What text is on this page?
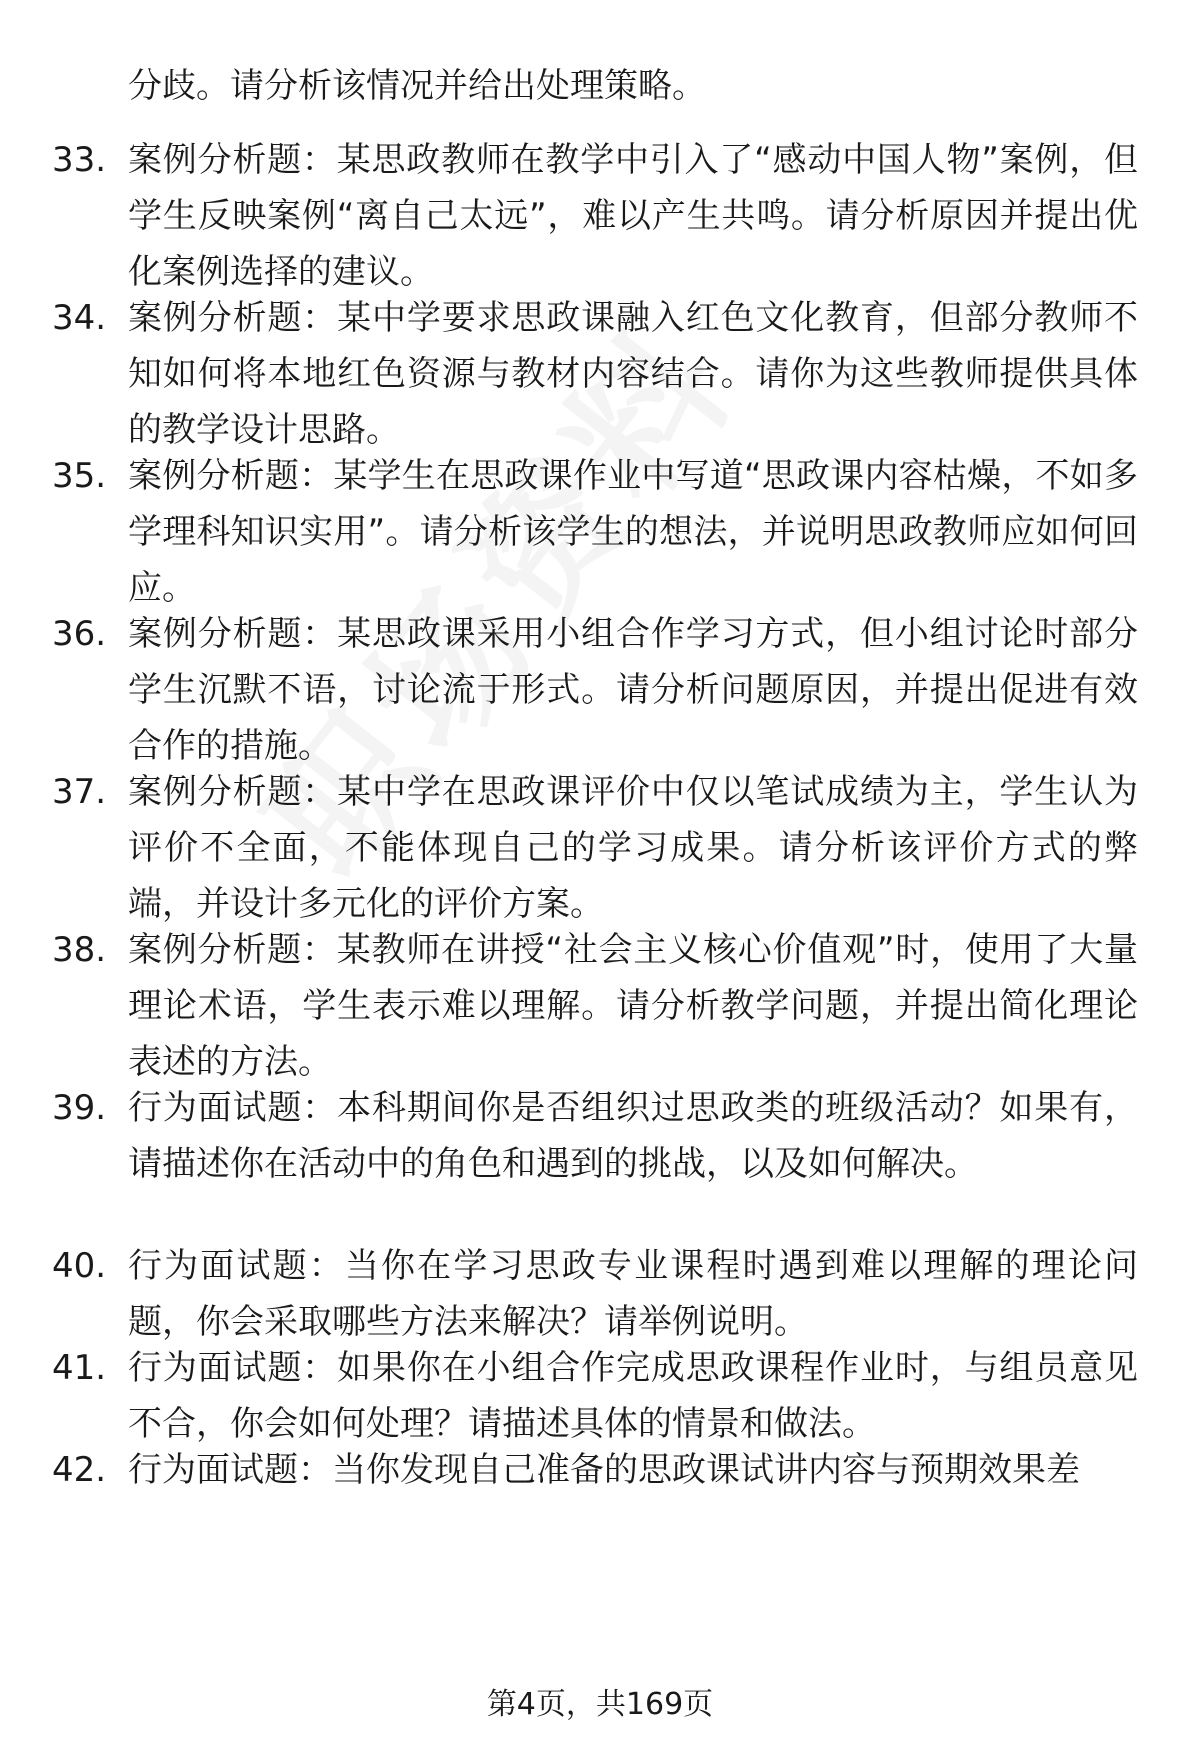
分歧。请分析该情况并给出处理策略。

33. 案例分析题：某思政教师在教学中引入了“感动中国人物”案例，但学生反映案例“离自己太远”，难以产生共鸣。请分析原因并提出优化案例选择的建议。

34. 案例分析题：某中学要求思政课融入红色文化教育，但部分教师不知如何将本地红色资源与教材内容结合。请你为这些教师提供具体的教学设计思路。

35. 案例分析题：某学生在思政课作业中写道“思政课内容枯燥，不如多学理科知识实用”。请分析该学生的想法，并说明思政教师应如何回应。

36. 案例分析题：某思政课采用小组合作学习方式，但小组讨论时部分学生沉默不语，讨论流于形式。请分析问题原因，并提出促进有效合作的措施。

37. 案例分析题：某中学在思政课评价中仅以笔试成绩为主，学生认为评价不全面，不能体现自己的学习成果。请分析该评价方式的弊端，并设计多元化的评价方案。

38. 案例分析题：某教师在讲授“社会主义核心价值观”时，使用了大量理论术语，学生表示难以理解。请分析教学问题，并提出简化理论表述的方法。

39. 行为面试题：本科期间你是否组织过思政类的班级活动？如果有，请描述你在活动中的角色和遇到的挑战，以及如何解决。

40. 行为面试题：当你在学习思政专业课程时遇到难以理解的理论问题，你会采取哪些方法来解决？请举例说明。

41. 行为面试题：如果你在小组合作完成思政课程作业时，与组员意见不合，你会如何处理？请描述具体的情景和做法。

42. 行为面试题：当你发现自己准备的思政课试讲内容与预期效果差

第4页，共169页
